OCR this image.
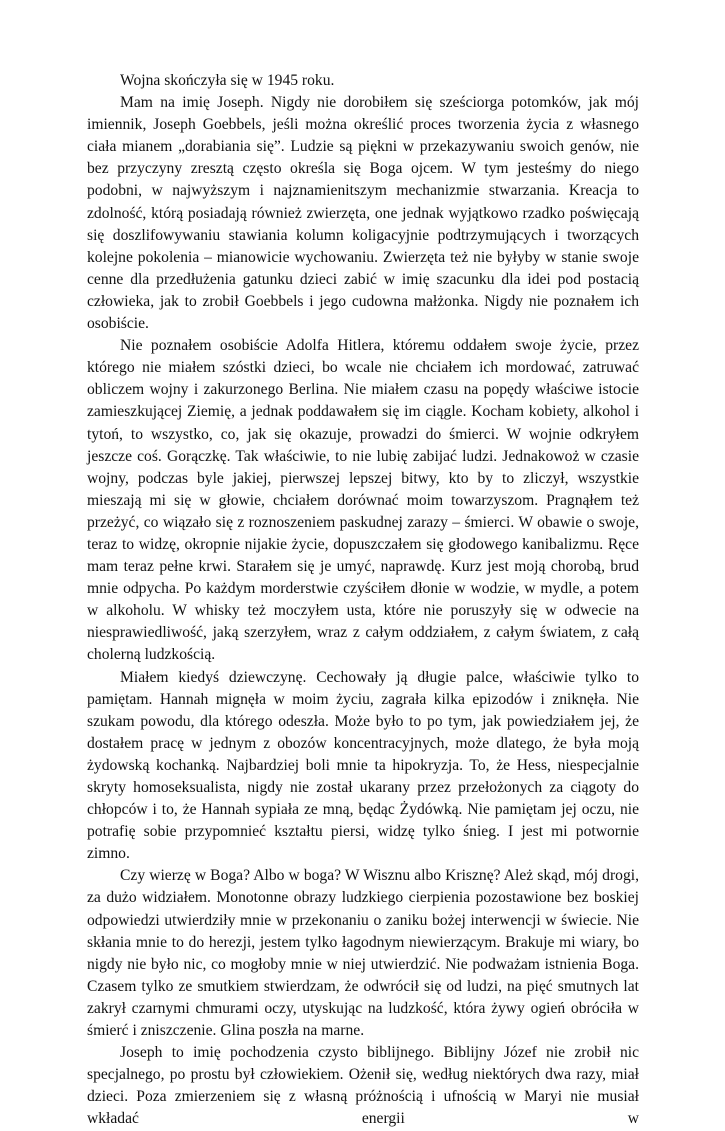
Wojna skończyła się w 1945 roku.

Mam na imię Joseph. Nigdy nie dorobiłem się sześciorga potomków, jak mój imiennik, Joseph Goebbels, jeśli można określić proces tworzenia życia z własnego ciała mianem „dorabiania się”. Ludzie są piękni w przekazywaniu swoich genów, nie bez przyczyny zresztą często określa się Boga ojcem. W tym jesteśmy do niego podobni, w najwyższym i najznamienitszym mechanizmie stwarzania. Kreacja to zdolność, którą posiadają również zwierzęta, one jednak wyjątkowo rzadko poświęcają się doszlifowywaniu stawiania kolumn koligacyjnie podtrzymujących i tworzących kolejne pokolenia – mianowicie wychowaniu. Zwierzęta też nie byłyby w stanie swoje cenne dla przedłużenia gatunku dzieci zabić w imię szacunku dla idei pod postacią człowieka, jak to zrobił Goebbels i jego cudowna małżonka. Nigdy nie poznałem ich osobiście.

Nie poznałem osobiście Adolfa Hitlera, któremu oddałem swoje życie, przez którego nie miałem szóstki dzieci, bo wcale nie chciałem ich mordować, zatruwać obliczem wojny i zakurzonego Berlina. Nie miałem czasu na popędy właściwe istocie zamieszkującej Ziemię, a jednak poddawałem się im ciągle. Kocham kobiety, alkohol i tytoń, to wszystko, co, jak się okazuje, prowadzi do śmierci. W wojnie odkryłem jeszcze coś. Gorączkę. Tak właściwie, to nie lubię zabijać ludzi. Jednakowoż w czasie wojny, podczas byle jakiej, pierwszej lepszej bitwy, kto by to zliczył, wszystkie mieszają mi się w głowie, chciałem dorównać moim towarzyszom. Pragnąłem też przeżyć, co wiązało się z roznoszeniem paskudnej zarazy – śmierci. W obawie o swoje, teraz to widzę, okropnie nijakie życie, dopuszczałem się głodowego kanibalizmu. Ręce mam teraz pełne krwi. Starałem się je umyć, naprawdę. Kurz jest moją chorobą, brud mnie odpycha. Po każdym morderstwie czyściłem dłonie w wodzie, w mydle, a potem w alkoholu. W whisky też moczyłem usta, które nie poruszyły się w odwecie na niesprawiedliwość, jaką szerzyłem, wraz z całym oddziałem, z całym światem, z całą cholerną ludzkością.

Miałem kiedyś dziewczynę. Cechowały ją długie palce, właściwie tylko to pamiętam. Hannah mignęła w moim życiu, zagrała kilka epizodów i zniknęła. Nie szukam powodu, dla którego odeszła. Może było to po tym, jak powiedziałem jej, że dostałem pracę w jednym z obozów koncentracyjnych, może dlatego, że była moją żydowską kochanką. Najbardziej boli mnie ta hipokryzja. To, że Hess, niespecjalnie skryty homoseksualista, nigdy nie został ukarany przez przełożonych za ciągoty do chłopców i to, że Hannah sypiała ze mną, będąc Żydówką. Nie pamiętam jej oczu, nie potrafię sobie przypomnieć kształtu piersi, widzę tylko śnieg. I jest mi potwornie zimno.

Czy wierzę w Boga? Albo w boga? W Wisznu albo Krisznę? Ależ skąd, mój drogi, za dużo widziałem. Monotonne obrazy ludzkiego cierpienia pozostawione bez boskiej odpowiedzi utwierdziły mnie w przekonaniu o zaniku bożej interwencji w świecie. Nie skłania mnie to do herezji, jestem tylko łagodnym niewierzącym. Brakuje mi wiary, bo nigdy nie było nic, co mogłoby mnie w niej utwierdzić. Nie podważam istnienia Boga. Czasem tylko ze smutkiem stwierdzam, że odwrócił się od ludzi, na pięć smutnych lat zakrył czarnymi chmurami oczy, utyskując na ludzkość, która żywy ogień obróciła w śmierć i zniszczenie. Glina poszła na marne.

Joseph to imię pochodzenia czysto biblijnego. Biblijny Józef nie zrobił nic specjalnego, po prostu był człowiekiem. Ożenił się, według niektórych dwa razy, miał dzieci. Poza zmierzeniem się z własną próżnością i ufnością w Maryi nie musiał wkładać energii w
